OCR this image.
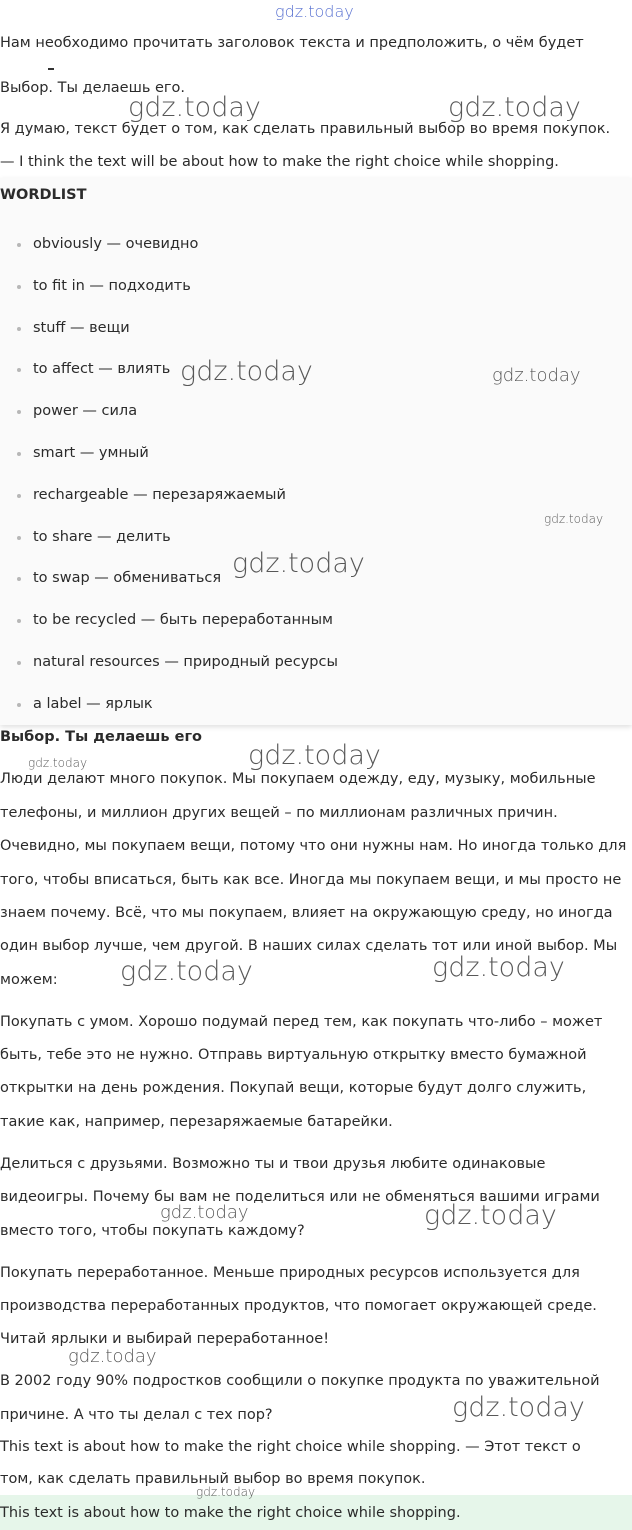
Нам необходимо прочитать заголовок текста и предположить, о чём будет

Выбор. Ты делаешь его.

Я думаю, текст будет о том, как сделать правильный выбор во время покупок.

— I think the text will be about how to make the right choice while shopping.

WORDLIST

obviously — очевидно
to fit in — подходить
stuff — вещи
to affect — влиять
power — сила
smart — умный
rechargeable — перезаряжаемый
to share — делить
to swap — обмениваться
to be recycled — быть переработанным
natural resources — природный ресурсы
a label — ярлык

Выбор. Ты делаешь его

Люди делают много покупок. Мы покупаем одежду, еду, музыку, мобильные

телефоны, и миллион других вещей – по миллионам различных причин.

Очевидно, мы покупаем вещи, потому что они нужны нам. Но иногда только для

того, чтобы вписаться, быть как все. Иногда мы покупаем вещи, и мы просто не

знаем почему. Всё, что мы покупаем, влияет на окружающую среду, но иногда

один выбор лучше, чем другой. В наших силах сделать тот или иной выбор. Мы

можем:

Покупать с умом. Хорошо подумай перед тем, как покупать что-либо – может

быть, тебе это не нужно. Отправь виртуальную открытку вместо бумажной

открытки на день рождения. Покупай вещи, которые будут долго служить,

такие как, например, перезаряжаемые батарейки.

Делиться с друзьями. Возможно ты и твои друзья любите одинаковые

видеоигры. Почему бы вам не поделиться или не обменяться вашими играми

вместо того, чтобы покупать каждому?

Покупать переработанное. Меньше природных ресурсов используется для

производства переработанных продуктов, что помогает окружающей среде.

Читай ярлыки и выбирай переработанное!

В 2002 году 90% подростков сообщили о покупке продукта по уважительной

причине. А что ты делал с тех пор?

This text is about how to make the right choice while shopping. — Этот текст о

том, как сделать правильный выбор во время покупок.

This text is about how to make the right choice while shopping.

gdz.today
gdz.today	gdz.today
gdz.today	gdz.today
gdz.today
gdz.today
gdz.today
gdz.today
gdz.today	gdz.today
gdz.today	gdz.today
gdz.today
gdz.today
gdz.today
